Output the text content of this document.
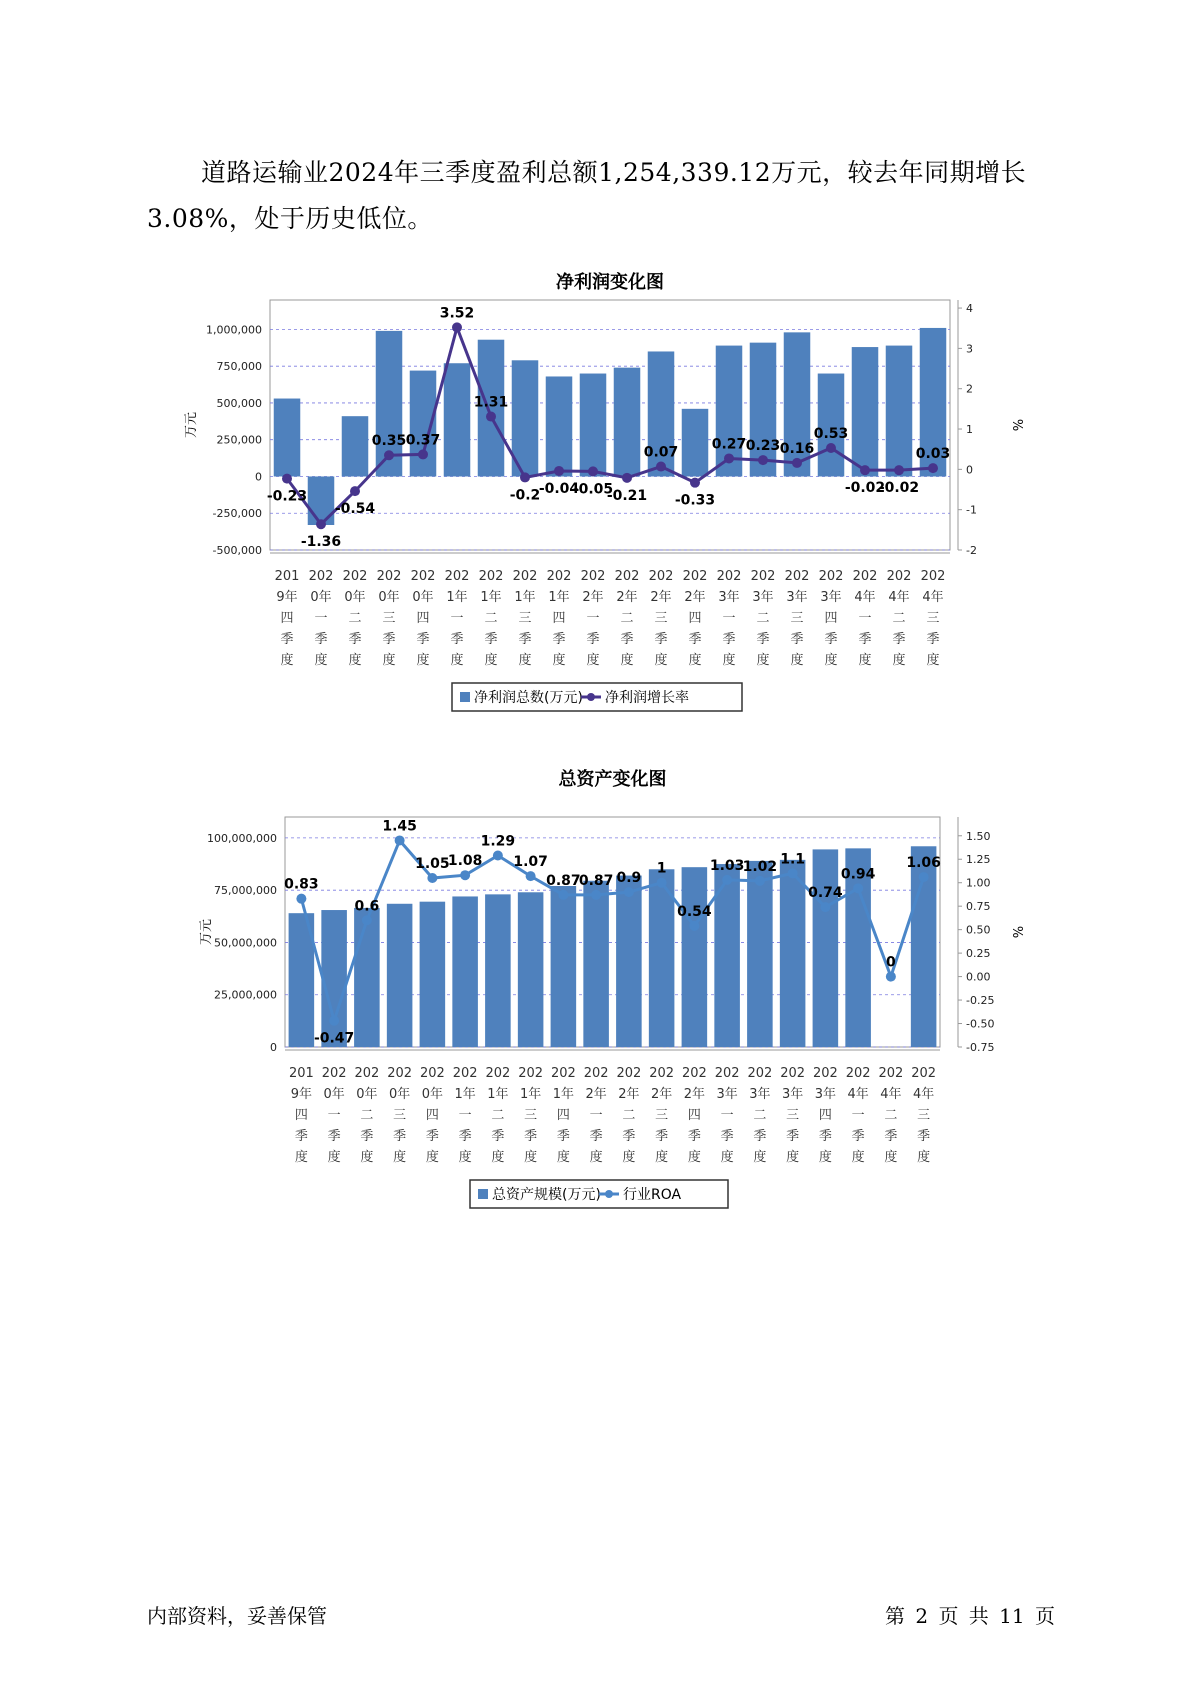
道路运输业2024年三季度盈利总额1,254,339.12万元，较去年同期增长3.08%，处于历史低位。

净利润变化图
-500,000
-250,000
0
250,000
500,000
750,000
1,000,000
万元
-2
-1
0
1
2
3
4
%
-0.23
-1.36
-0.54
0.35 0.37
3.52
1.31
-0.2
-0.04
-0.05
-0.21
0.07
-0.33
0.27 0.23 0.16
0.53
-0.02
-0.02
0.03
201
9年
四
季
度
202
0年
一
季
度
202
0年
二
季
度
202
0年
三
季
度
202
0年
四
季
度
202
1年
一
季
度
202
1年
二
季
度
202
1年
三
季
度
202
1年
四
季
度
202
2年
一
季
度
202
2年
二
季
度
202
2年
三
季
度
202
2年
四
季
度
202
3年
一
季
度
202
3年
二
季
度
202
3年
三
季
度
202
3年
四
季
度
202
4年
一
季
度
202
4年
二
季
度
202
4年
三
季
度
净利润总数(万元) 净利润增长率
总资产变化图
0
25,000,000
50,000,000
75,000,000
100,000,000
万元
-0.75
-0.50
-0.25
0.00
0.25
0.50
0.75
1.00
1.25
1.50
%
0.83
-0.47
0.6
1.45
1.05
1.08
1.29
1.07
0.87
0.87 0.9
1
0.54
1.03
1.02 1.1
0.74
0.94
0
1.06
201
9年
四
季
度
202
0年
一
季
度
202
0年
二
季
度
202
0年
三
季
度
202
0年
四
季
度
202
1年
一
季
度
202
1年
二
季
度
202
1年
三
季
度
202
1年
四
季
度
202
2年
一
季
度
202
2年
二
季
度
202
2年
三
季
度
202
2年
四
季
度
202
3年
一
季
度
202
3年
二
季
度
202
3年
三
季
度
202
3年
四
季
度
202
4年
一
季
度
202
4年
二
季
度
202
4年
三
季
度
总资产规模(万元) 行业ROA
内部资料，妥善保管	第 2 页 共 11 页
